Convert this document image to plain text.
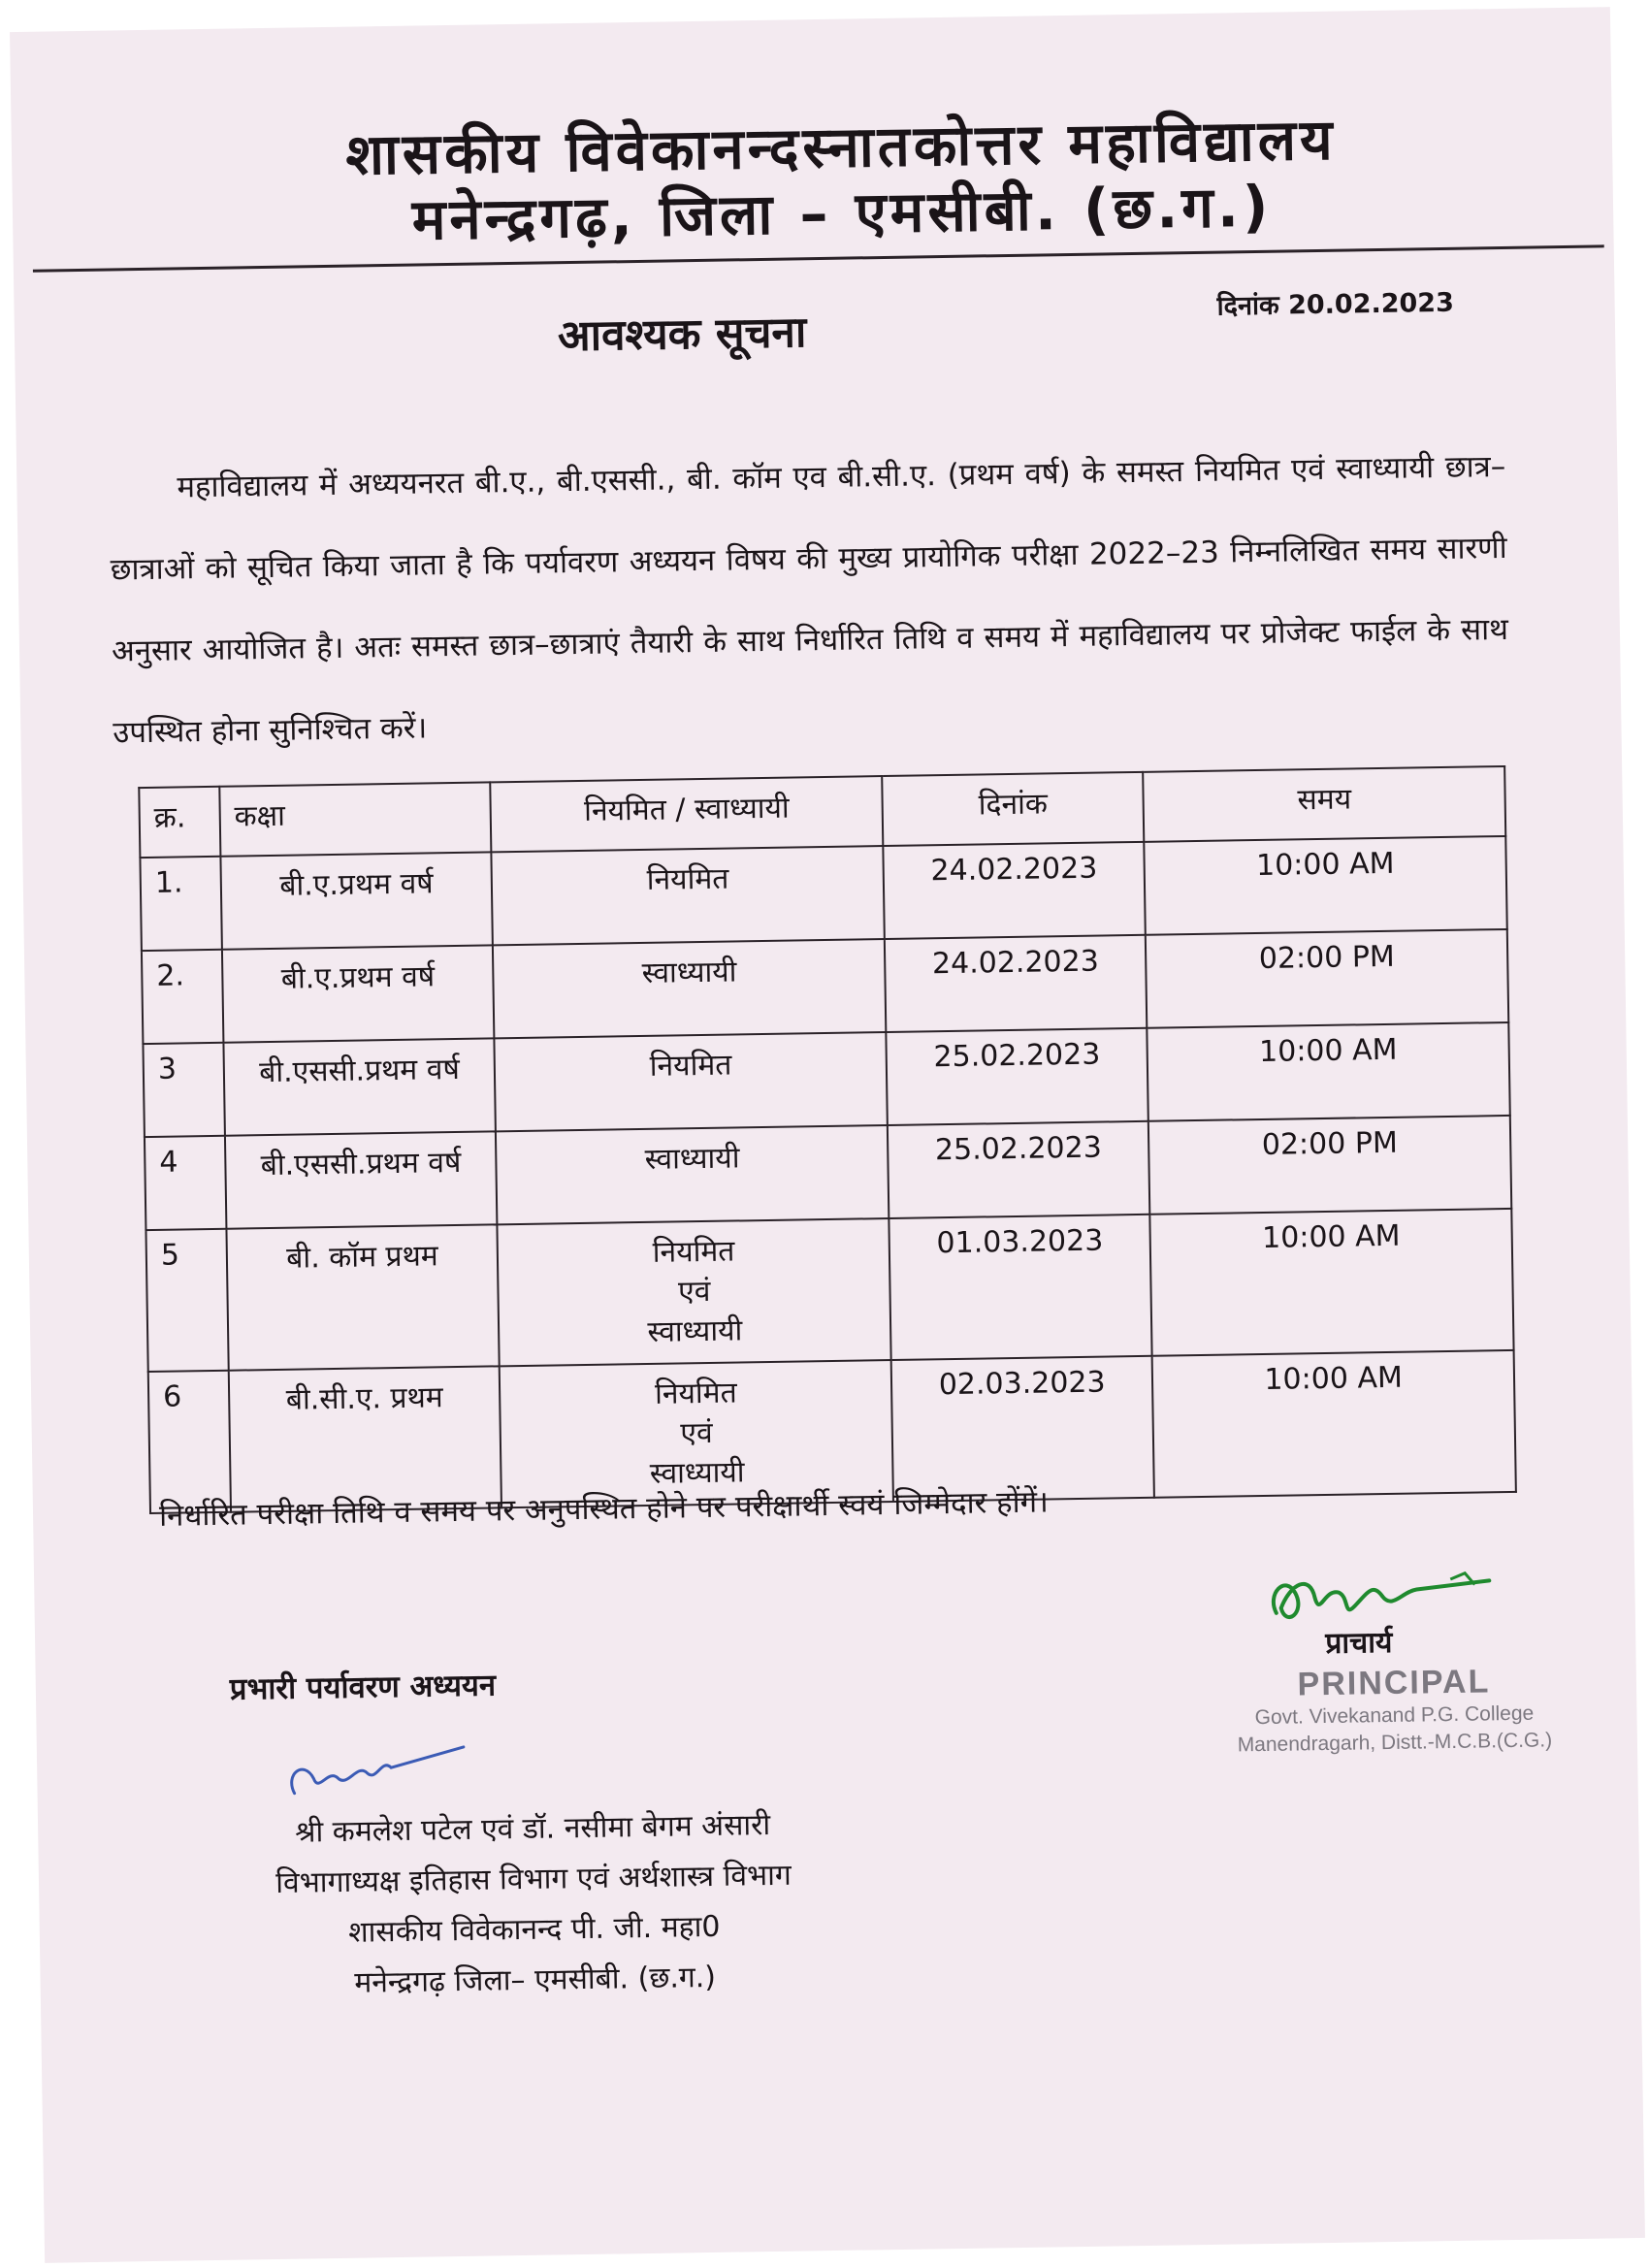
शासकीय विवेकानन्दस्नातकोत्तर महाविद्यालय
मनेन्द्रगढ़, जिला – एमसीबी. (छ.ग.)
आवश्यक सूचना
दिनांक 20.02.2023
महाविद्यालय में अध्ययनरत बी.ए., बी.एससी., बी. कॉम एव बी.सी.ए. (प्रथम वर्ष) के समस्त नियमित एवं स्वाध्यायी छात्र– छात्राओं को सूचित किया जाता है कि पर्यावरण अध्ययन विषय की मुख्य प्रायोगिक परीक्षा 2022–23 निम्नलिखित समय सारणी अनुसार आयोजित है। अतः समस्त छात्र–छात्राएं तैयारी के साथ निर्धारित तिथि व समय में महाविद्यालय पर प्रोजेक्ट फाईल के साथ उपस्थित होना सुनिश्चित करें।
क्र.	कक्षा	नियमित / स्वाध्यायी	दिनांक	समय
1.	बी.ए.प्रथम वर्ष	नियमित	24.02.2023	10:00 AM
2.	बी.ए.प्रथम वर्ष	स्वाध्यायी	24.02.2023	02:00 PM
3	बी.एससी.प्रथम वर्ष	नियमित	25.02.2023	10:00 AM
4	बी.एससी.प्रथम वर्ष	स्वाध्यायी	25.02.2023	02:00 PM
5	बी. कॉम प्रथम	नियमित
एवं
स्वाध्यायी	01.03.2023	10:00 AM
6	बी.सी.ए. प्रथम	नियमित
एवं
स्वाध्यायी	02.03.2023	10:00 AM
निर्धारित परीक्षा तिथि व समय पर अनुपस्थित होने पर परीक्षार्थी स्वयं जिम्मेदार होंगें।
प्राचार्य
PRINCIPAL
Govt. Vivekanand P.G. College
Manendragarh, Distt.-M.C.B.(C.G.)
प्रभारी पर्यावरण अध्ययन
श्री कमलेश पटेल एवं डॉ. नसीमा बेगम अंसारी
विभागाध्यक्ष इतिहास विभाग एवं अर्थशास्त्र विभाग
शासकीय विवेकानन्द पी. जी. महा0
मनेन्द्रगढ़ जिला– एमसीबी. (छ.ग.)
